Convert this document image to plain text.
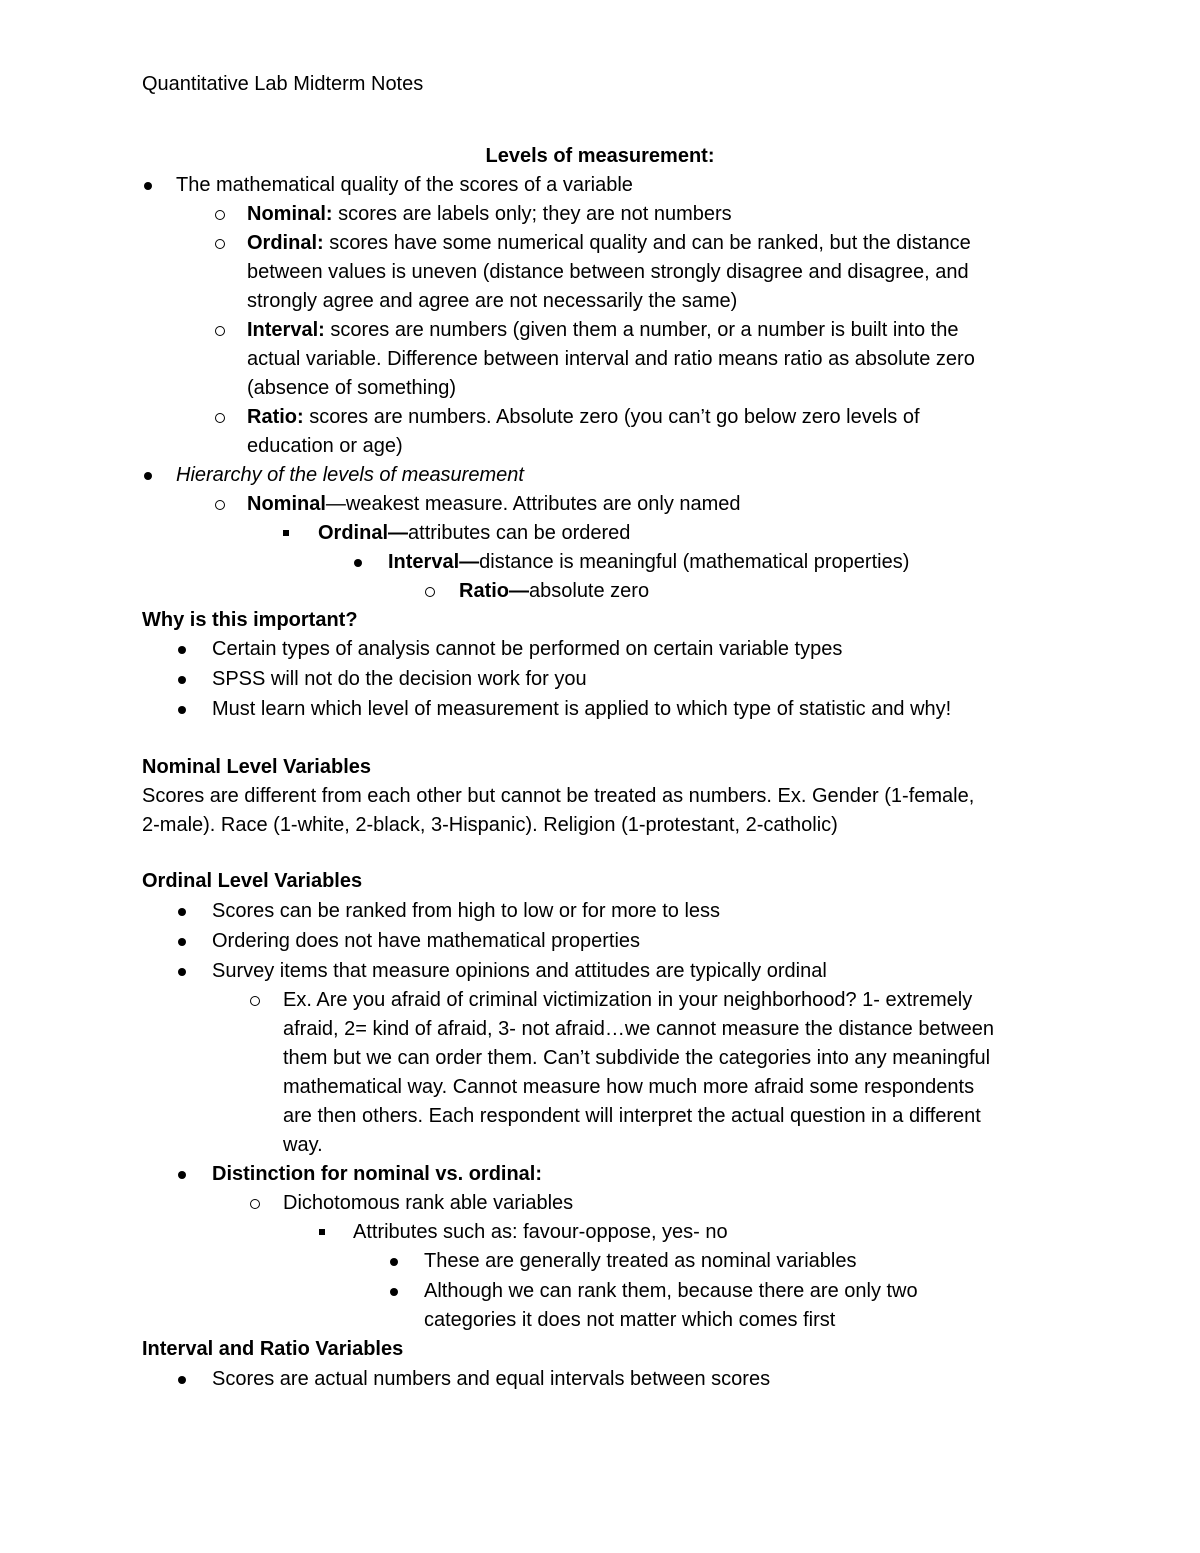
Quantitative Lab Midterm Notes
Levels of measurement:
The mathematical quality of the scores of a variable
Nominal: scores are labels only; they are not numbers
Ordinal: scores have some numerical quality and can be ranked, but the distance
between values is uneven (distance between strongly disagree and disagree, and
strongly agree and agree are not necessarily the same)
Interval: scores are numbers (given them a number, or a number is built into the
actual variable. Difference between interval and ratio means ratio as absolute zero
(absence of something)
Ratio: scores are numbers. Absolute zero (you can’t go below zero levels of
education or age)
Hierarchy of the levels of measurement
Nominal—weakest measure. Attributes are only named
Ordinal—attributes can be ordered
Interval—distance is meaningful (mathematical properties)
Ratio—absolute zero
Why is this important?
Certain types of analysis cannot be performed on certain variable types
SPSS will not do the decision work for you
Must learn which level of measurement is applied to which type of statistic and why!
Nominal Level Variables
Scores are different from each other but cannot be treated as numbers. Ex. Gender (1-female,
2-male). Race (1-white, 2-black, 3-Hispanic). Religion (1-protestant, 2-catholic)
Ordinal Level Variables
Scores can be ranked from high to low or for more to less
Ordering does not have mathematical properties
Survey items that measure opinions and attitudes are typically ordinal
Ex. Are you afraid of criminal victimization in your neighborhood? 1- extremely
afraid, 2= kind of afraid, 3- not afraid…we cannot measure the distance between
them but we can order them. Can’t subdivide the categories into any meaningful
mathematical way. Cannot measure how much more afraid some respondents
are then others. Each respondent will interpret the actual question in a different
way.
Distinction for nominal vs. ordinal:
Dichotomous rank able variables
Attributes such as: favour-oppose, yes- no
These are generally treated as nominal variables
Although we can rank them, because there are only two
categories it does not matter which comes first
Interval and Ratio Variables
Scores are actual numbers and equal intervals between scores
